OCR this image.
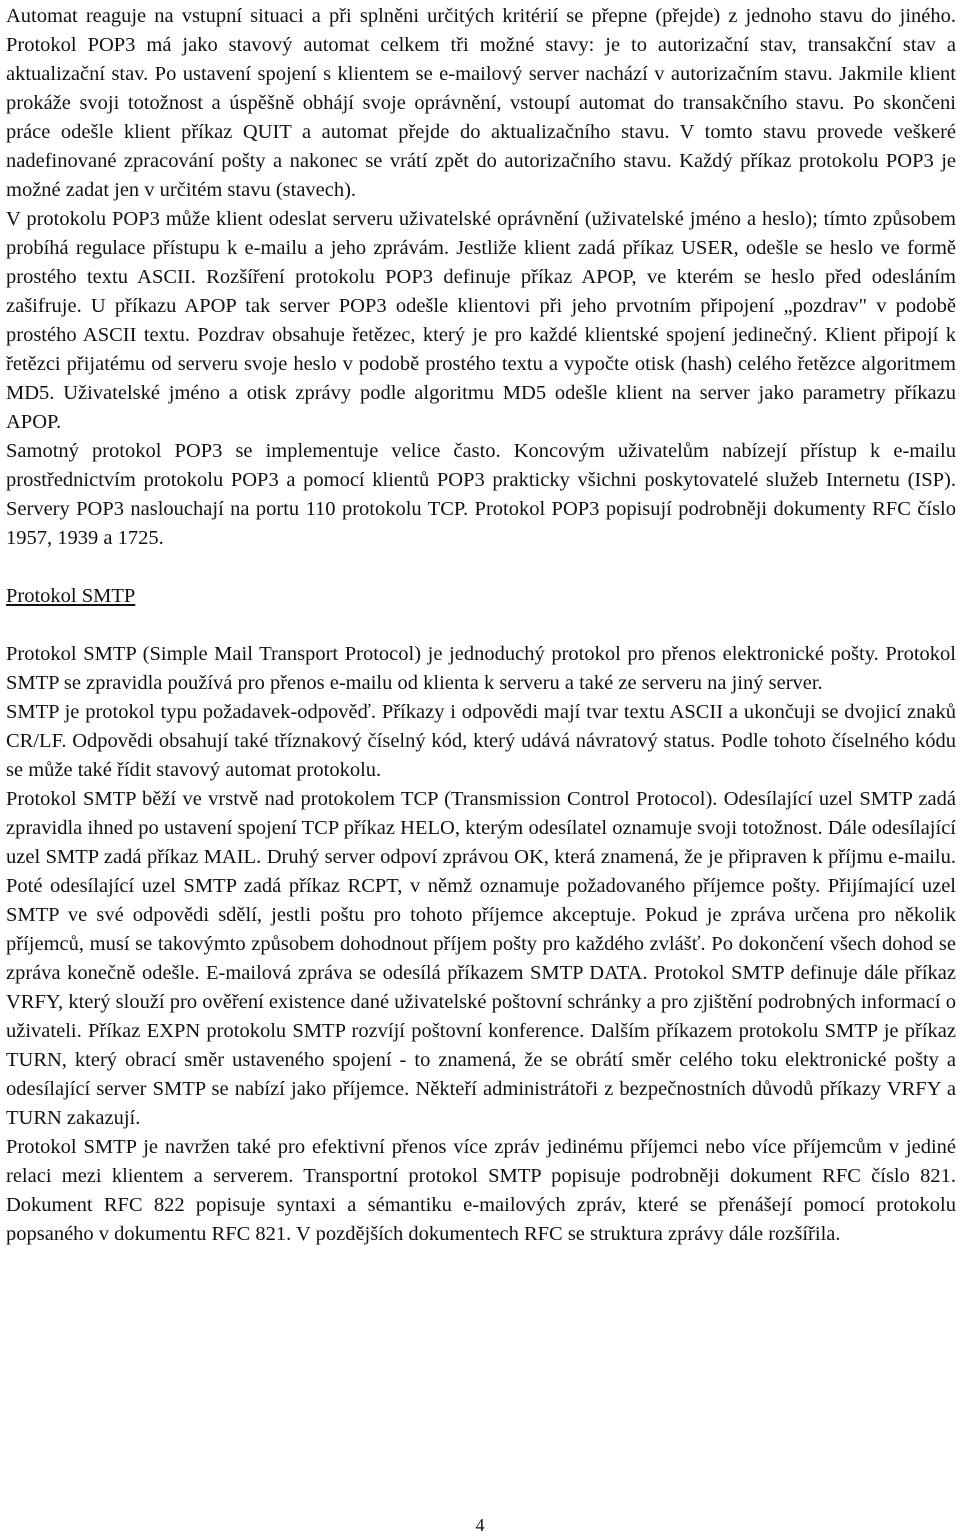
Automat reaguje na vstupní situaci a při splněni určitých kritérií se přepne (přejde) z jednoho stavu do jiného. Protokol POP3 má jako stavový automat celkem tři možné stavy: je to autorizační stav, transakční stav a aktualizační stav. Po ustavení spojení s klientem se e-mailový server nachází v autorizačním stavu. Jakmile klient prokáže svoji totožnost a úspěšně obhájí svoje oprávnění, vstoupí automat do transakčního stavu. Po skončeni práce odešle klient příkaz QUIT a automat přejde do aktualizačního stavu. V tomto stavu provede veškeré nadefinované zpracování pošty a nakonec se vrátí zpět do autorizačního stavu. Každý příkaz protokolu POP3 je možné zadat jen v určitém stavu (stavech).

V protokolu POP3 může klient odeslat serveru uživatelské oprávnění (uživatelské jméno a heslo); tímto způsobem probíhá regulace přístupu k e-mailu a jeho zprávám. Jestliže klient zadá příkaz USER, odešle se heslo ve formě prostého textu ASCII. Rozšíření protokolu POP3 definuje příkaz APOP, ve kterém se heslo před odesláním zašifruje. U příkazu APOP tak server POP3 odešle klientovi při jeho prvotním připojení „pozdrav" v podobě prostého ASCII textu. Pozdrav obsahuje řetězec, který je pro každé klientské spojení jedinečný. Klient připojí k řetězci přijatému od serveru svoje heslo v podobě prostého textu a vypočte otisk (hash) celého řetězce algoritmem MD5. Uživatelské jméno a otisk zprávy podle algoritmu MD5 odešle klient na server jako parametry příkazu APOP.

Samotný protokol POP3 se implementuje velice často. Koncovým uživatelům nabízejí přístup k e-mailu prostřednictvím protokolu POP3 a pomocí klientů POP3 prakticky všichni poskytovatelé služeb Internetu (ISP). Servery POP3 naslouchají na portu 110 protokolu TCP. Protokol POP3 popisují podrobněji dokumenty RFC číslo 1957, 1939 a 1725.

Protokol SMTP

Protokol SMTP (Simple Mail Transport Protocol) je jednoduchý protokol pro přenos elektronické pošty. Protokol SMTP se zpravidla používá pro přenos e-mailu od klienta k serveru a také ze serveru na jiný server.

SMTP je protokol typu požadavek-odpověď. Příkazy i odpovědi mají tvar textu ASCII a ukončuji se dvojicí znaků CR/LF. Odpovědi obsahují také tříznakový číselný kód, který udává návratový status. Podle tohoto číselného kódu se může také řídit stavový automat protokolu.

Protokol SMTP běží ve vrstvě nad protokolem TCP (Transmission Control Protocol). Odesílající uzel SMTP zadá zpravidla ihned po ustavení spojení TCP příkaz HELO, kterým odesílatel oznamuje svoji totožnost. Dále odesílající uzel SMTP zadá příkaz MAIL. Druhý server odpoví zprávou OK, která znamená, že je připraven k příjmu e-mailu. Poté odesílající uzel SMTP zadá příkaz RCPT, v němž oznamuje požadovaného příjemce pošty. Přijímající uzel SMTP ve své odpovědi sdělí, jestli poštu pro tohoto příjemce akceptuje. Pokud je zpráva určena pro několik příjemců, musí se takovýmto způsobem dohodnout příjem pošty pro každého zvlášť. Po dokončení všech dohod se zpráva konečně odešle. E-mailová zpráva se odesílá příkazem SMTP DATA. Protokol SMTP definuje dále příkaz VRFY, který slouží pro ověření existence dané uživatelské poštovní schránky a pro zjištění podrobných informací o uživateli. Příkaz EXPN protokolu SMTP rozvíjí poštovní konference. Dalším příkazem protokolu SMTP je příkaz TURN, který obrací směr ustaveného spojení - to znamená, že se obrátí směr celého toku elektronické pošty a odesílající server SMTP se nabízí jako příjemce. Někteří administrátoři z bezpečnostních důvodů příkazy VRFY a TURN zakazují.

Protokol SMTP je navržen také pro efektivní přenos více zpráv jedinému příjemci nebo více příjemcům v jediné relaci mezi klientem a serverem. Transportní protokol SMTP popisuje podrobněji dokument RFC číslo 821. Dokument RFC 822 popisuje syntaxi a sémantiku e-mailových zpráv, které se přenášejí pomocí protokolu popsaného v dokumentu RFC 821. V pozdějších dokumentech RFC se struktura zprávy dále rozšířila.

4
